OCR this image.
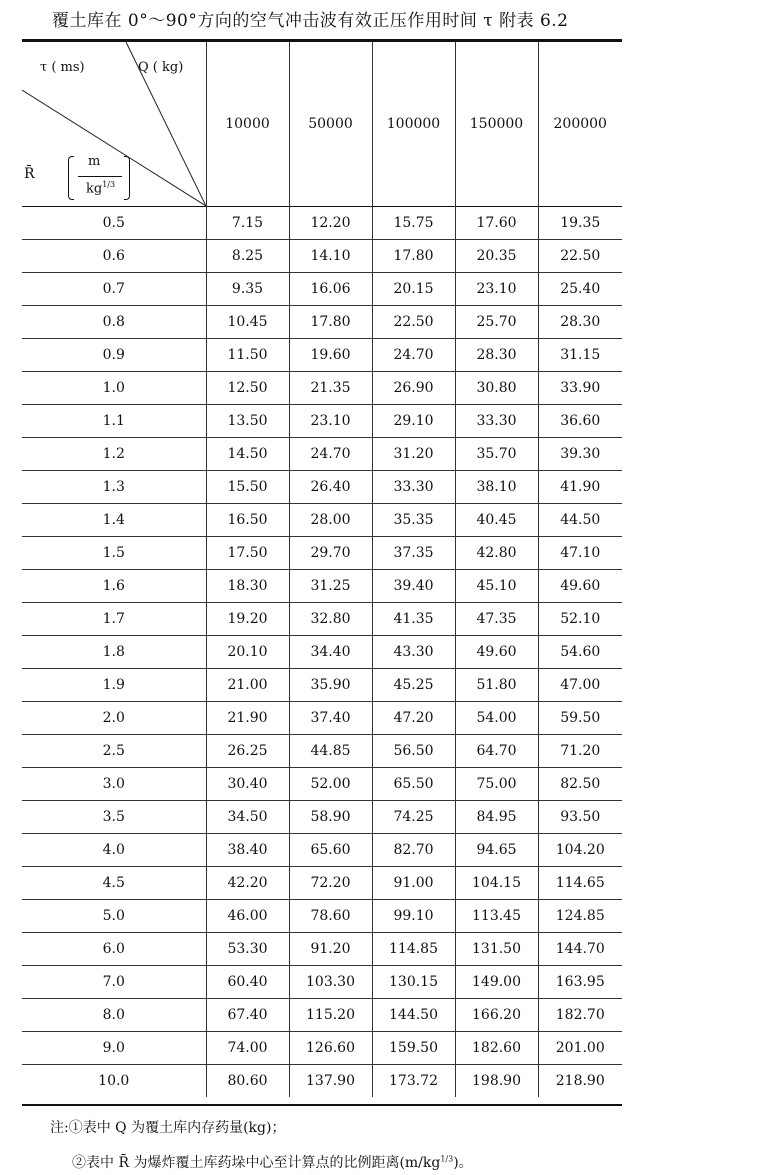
覆土库在 0°～90°方向的空气冲击波有效正压作用时间 τ 附表 6.2
τ ( ms) Q ( kg)
R̄
m
$kg^{1/3}$	10000	50000	100000	150000	200000
0.5	7.15	12.20	15.75	17.60	19.35
0.6	8.25	14.10	17.80	20.35	22.50
0.7	9.35	16.06	20.15	23.10	25.40
0.8	10.45	17.80	22.50	25.70	28.30
0.9	11.50	19.60	24.70	28.30	31.15
1.0	12.50	21.35	26.90	30.80	33.90
1.1	13.50	23.10	29.10	33.30	36.60
1.2	14.50	24.70	31.20	35.70	39.30
1.3	15.50	26.40	33.30	38.10	41.90
1.4	16.50	28.00	35.35	40.45	44.50
1.5	17.50	29.70	37.35	42.80	47.10
1.6	18.30	31.25	39.40	45.10	49.60
1.7	19.20	32.80	41.35	47.35	52.10
1.8	20.10	34.40	43.30	49.60	54.60
1.9	21.00	35.90	45.25	51.80	47.00
2.0	21.90	37.40	47.20	54.00	59.50
2.5	26.25	44.85	56.50	64.70	71.20
3.0	30.40	52.00	65.50	75.00	82.50
3.5	34.50	58.90	74.25	84.95	93.50
4.0	38.40	65.60	82.70	94.65	104.20
4.5	42.20	72.20	91.00	104.15	114.65
5.0	46.00	78.60	99.10	113.45	124.85
6.0	53.30	91.20	114.85	131.50	144.70
7.0	60.40	103.30	130.15	149.00	163.95
8.0	67.40	115.20	144.50	166.20	182.70
9.0	74.00	126.60	159.50	182.60	201.00
10.0	80.60	137.90	173.72	198.90	218.90
注:①表中 Q 为覆土库内存药量(kg)；
②表中 R̄ 为爆炸覆土库药垛中心至计算点的比例距离$(m/kg^{1/3})$。
